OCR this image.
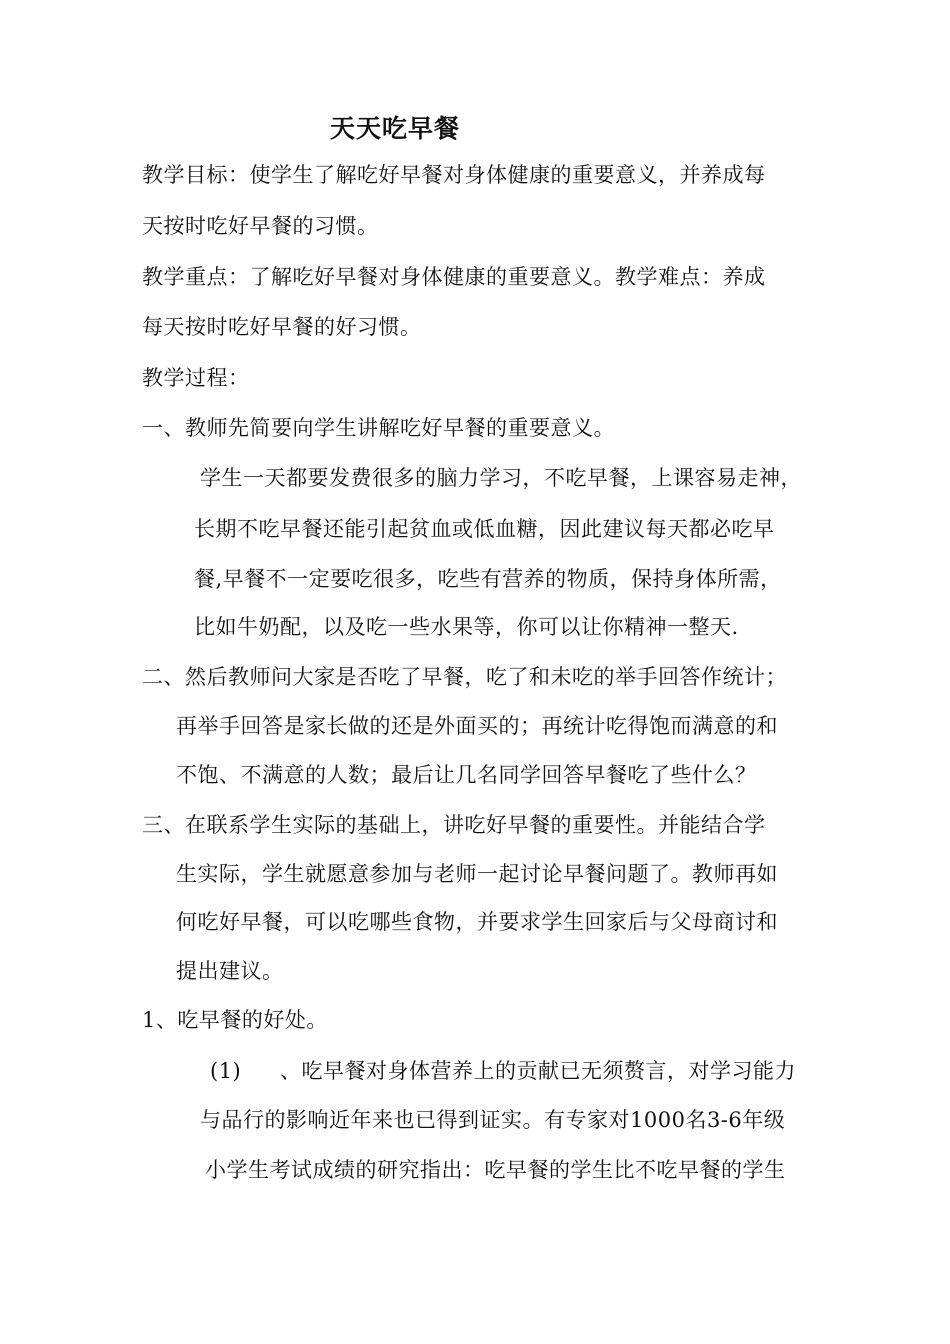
天天吃早餐

教学目标：使学生了解吃好早餐对身体健康的重要意义，并养成每

天按时吃好早餐的习惯。

教学重点：了解吃好早餐对身体健康的重要意义。教学难点：养成

每天按时吃好早餐的好习惯。

教学过程：

一、教师先简要向学生讲解吃好早餐的重要意义。

学生一天都要发费很多的脑力学习，不吃早餐，上课容易走神，

长期不吃早餐还能引起贫血或低血糖，因此建议每天都必吃早

餐,早餐不一定要吃很多，吃些有营养的物质，保持身体所需，

比如牛奶配，以及吃一些水果等，你可以让你精神一整天.

二、然后教师问大家是否吃了早餐，吃了和未吃的举手回答作统计；

再举手回答是家长做的还是外面买的；再统计吃得饱而满意的和

不饱、不满意的人数；最后让几名同学回答早餐吃了些什么？

三、在联系学生实际的基础上，讲吃好早餐的重要性。并能结合学

生实际，学生就愿意参加与老师一起讨论早餐问题了。教师再如

何吃好早餐，可以吃哪些食物，并要求学生回家后与父母商讨和

提出建议。

1、吃早餐的好处。

(1) 、吃早餐对身体营养上的贡献已无须赘言，对学习能力

与品行的影响近年来也已得到证实。有专家对1000名3-6年级

小学生考试成绩的研究指出：吃早餐的学生比不吃早餐的学生
